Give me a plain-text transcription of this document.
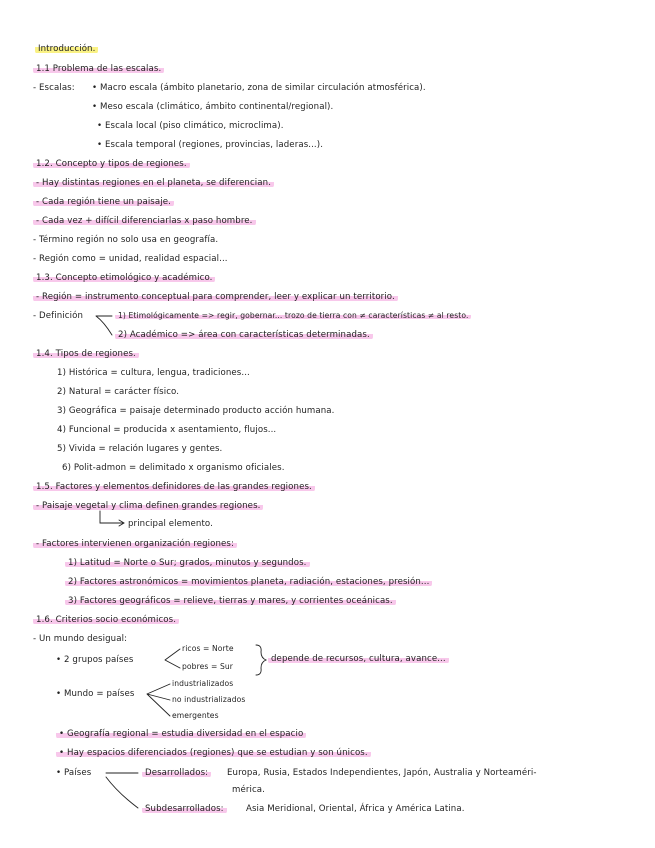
Introducción.
1.1 Problema de las escalas.
- Escalas: • Macro escala (ámbito planetario, zona de similar circulación atmosférica).
• Meso escala (climático, ámbito continental/regional).
• Escala local (piso climático, microclima).
• Escala temporal (regiones, provincias, laderas...).
1.2. Concepto y tipos de regiones.
- Hay distintas regiones en el planeta, se diferencian.
- Cada región tiene un paisaje.
- Cada vez + difícil diferenciarlas x paso hombre.
- Término región no solo usa en geografía.
- Región como = unidad, realidad espacial...
1.3. Concepto etimológico y académico.
- Región = instrumento conceptual para comprender, leer y explicar un territorio.
- Definición	1) Etimológicamente => regir, gobernar... trozo de tierra con ≠ características ≠ al resto.
2) Académico => área con características determinadas.
1.4. Tipos de regiones.
1) Histórica = cultura, lengua, tradiciones...
2) Natural = carácter físico.
3) Geográfica = paisaje determinado producto acción humana.
4) Funcional = producida x asentamiento, flujos...
5) Vivida = relación lugares y gentes.
6) Polit-admon = delimitado x organismo oficiales.
1.5. Factores y elementos definidores de las grandes regiones.
- Paisaje vegetal y clima definen grandes regiones.
principal elemento.
- Factores intervienen organización regiones:
1) Latitud = Norte o Sur; grados, minutos y segundos.
2) Factores astronómicos = movimientos planeta, radiación, estaciones, presión...
3) Factores geográficos = relieve, tierras y mares, y corrientes oceánicas.
1.6. Criterios socio económicos.
- Un mundo desigual:
• 2 grupos países
ricos = Norte
pobres = Sur
depende de recursos, cultura, avance...
• Mundo = países
industrializados
no industrializados
emergentes
• Geografía regional = estudia diversidad en el espacio
• Hay espacios diferenciados (regiones) que se estudian y son únicos.
• Países	Desarrollados:	Europa, Rusia, Estados Independientes, Japón, Australia y Norteaméri-
mérica.
Subdesarrollados:	Asia Meridional, Oriental, África y América Latina.
